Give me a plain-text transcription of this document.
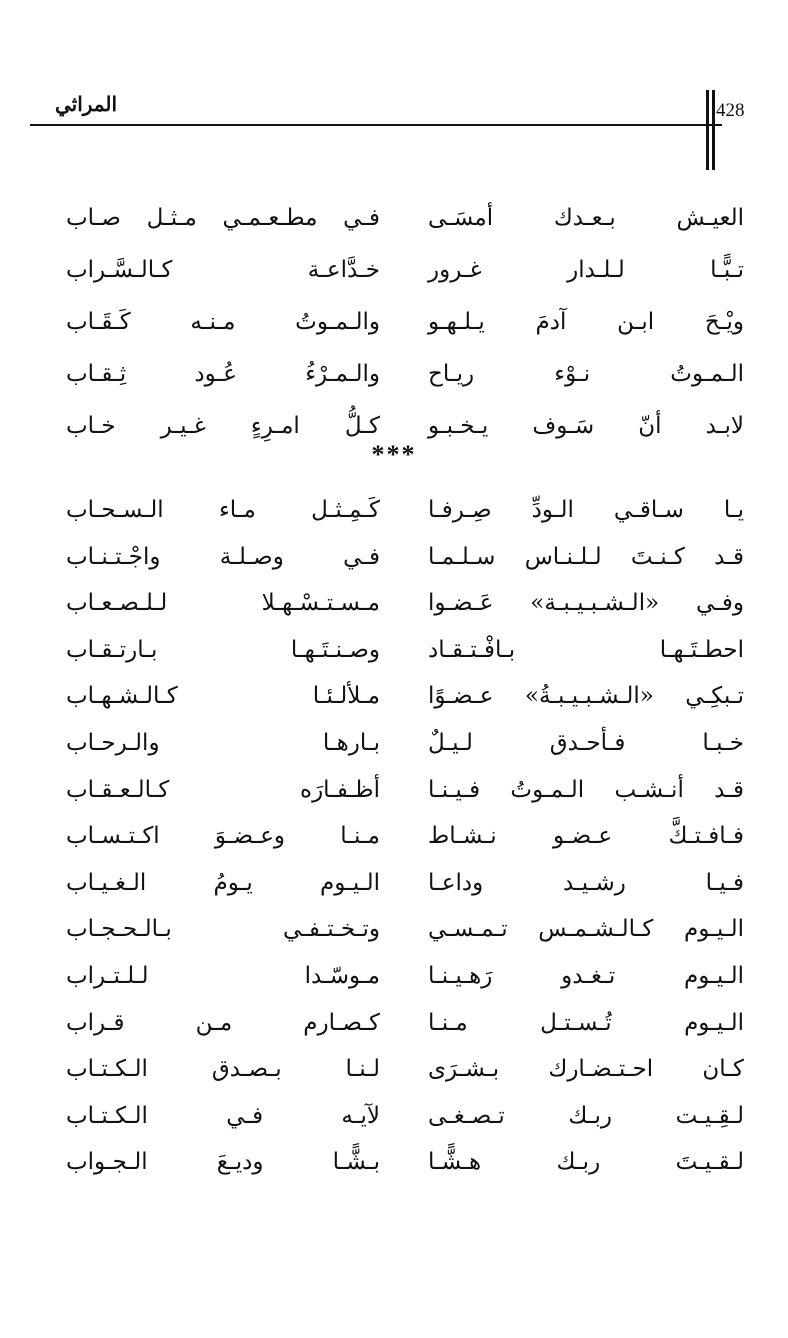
428
المراثي
العيـش بـعـدك أمسَـى
فـي مطـعـمـي مـثـل صـاب
تـبًّـا لـلـدار غـرور
خـدَّاعـة كـالـسَّـراب
ويْـحَ ابـن آدمَ يـلـهـو
والـمـوتُ مـنـه كَـقَـاب
الـمـوتُ نـوْء ريـاح
والـمـرْءُ عُـود ثِـقـاب
لابـد أنّ سَـوف يـخـبـو
كـلُّ امـرِءٍ غـيـر خـاب
***
يـا سـاقـي الـودِّ صِـرفـا
كَـمِـثـل مـاء الـسـحـاب
قـد كـنـتَ لـلـنـاس سـلـمـا
فـي وصـلـة واجْـتـنـاب
وفـي «الـشـبـيـبـة» عَـضـوا
مـسـتـسْـهـلا لـلـصـعـاب
احطـتَـهـا بـافْـتـقـاد
وصـنـتَـهـا بـارتـقـاب
تـبكِـي «الـشـبـيـبـةُ» عـضـوًا
مـلألـئـا كـالـشـهـاب
خـبـا فـأحـدق لـيـلٌ
بـارهـا والـرحـاب
قـد أنـشـب الـمـوتُ فـيـنـا
أظـفـارَه كـالـعـقـاب
فـافـتـكَّ عـضـو نـشـاط
مـنـا وعـضـوَ اكـتـسـاب
فـيـا رشـيـد وداعـا
الـيـوم يـومُ الـغـيـاب
الـيـوم كـالـشـمـس تـمـسـي
وتـخـتـفـي بـالـحـجـاب
الـيـوم تـغـدو رَهـيـنـا
مـوسّـدا لـلـتـراب
الـيـوم تُـسـتـل مـنـا
كـصـارم مـن قـراب
كـان احـتـضـارك بـشـرَى
لـنـا بـصـدق الـكـتـاب
لـقِـيـت ربـك تـصـغـى
لآيـه فـي الـكـتـاب
لـقـيـتَ ربـك هـشًّـا
بـشًّـا وديـعَ الـجـواب
